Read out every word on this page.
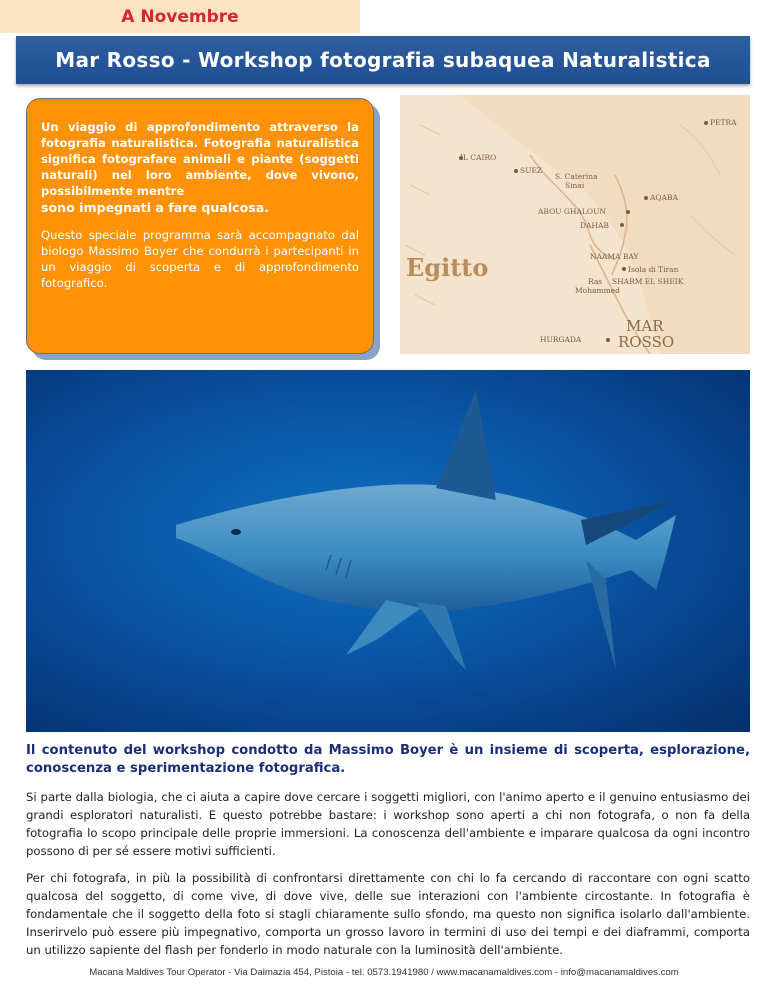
A Novembre
Mar Rosso - Workshop fotografia subaquea Naturalistica

Un viaggio di approfondimento attraverso la fotografia naturalistica. Fotografia naturalistica significa fotografare animali e piante (soggetti naturali) nel loro ambiente, dove vivono, possibilmente mentre

sono impegnati a fare qualcosa.

Questo speciale programma sarà accompagnato dal biologo Massimo Boyer che condurrà i partecipanti in un viaggio di scoperta e di approfondimento fotografico.

PETRA
IL CAIRO
SUEZ
S. Caterina
Sinai
AQABA
ABOU GHALOUN
DAHAB
NAAMA BAY
Isola di Tiran
Ras
Mohammed
SHARM EL SHEIK
HURGADA
Egitto
MAR
ROSSO

Il contenuto del workshop condotto da Massimo Boyer è un insieme di scoperta, esplorazione, conoscenza e sperimentazione fotografica.

Si parte dalla biologia, che ci aiuta a capire dove cercare i soggetti migliori, con l'animo aperto e il genuino entusiasmo dei grandi esploratori naturalisti. E questo potrebbe bastare: i workshop sono aperti a chi non fotografa, o non fa della fotografia lo scopo principale delle proprie immersioni. La conoscenza dell'ambiente e imparare qualcosa da ogni incontro possono di per sé essere motivi sufficienti.

Per chi fotografa, in più la possibilità di confrontarsi direttamente con chi lo fa cercando di raccontare con ogni scatto qualcosa del soggetto, di come vive, di dove vive, delle sue interazioni con l'ambiente circostante. In fotografia è fondamentale che il soggetto della foto si stagli chiaramente sullo sfondo, ma questo non significa isolarlo dall'ambiente. Inserirvelo può essere più impegnativo, comporta un grosso lavoro in termini di uso dei tempi e dei diaframmi, comporta un utilizzo sapiente del flash per fonderlo in modo naturale con la luminosità dell'ambiente.

Macana Maldives Tour Operator - Via Dalmazia 454, Pistoia - tel. 0573.1941980 / www.macanamaldives.com - info@macanamaldives.com
